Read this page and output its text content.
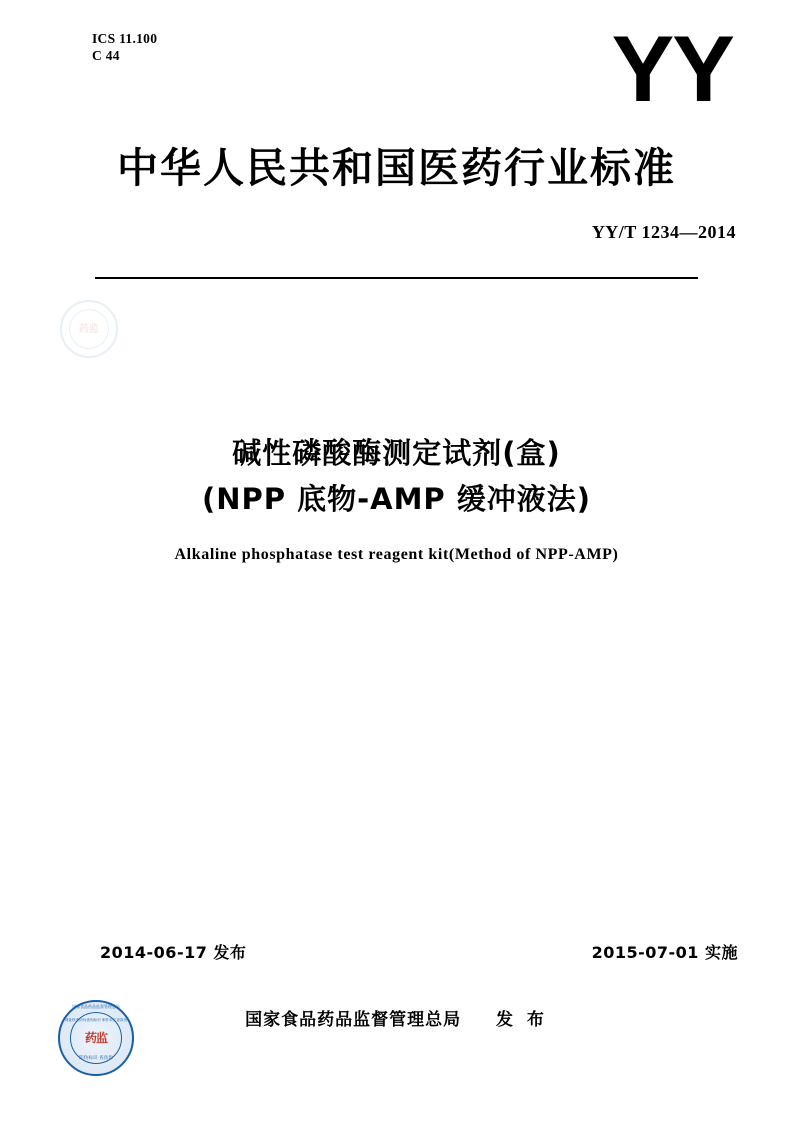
ICS 11.100
C 44	YY
中华人民共和国医药行业标准
YY/T 1234—2014
药监
碱性磷酸酶测定试剂(盒)
(NPP 底物-AMP 缓冲液法)
Alkaline phosphatase test reagent kit(Method of NPP-AMP)
2014-06-17 发布	2015-07-01 实施
国家食品药品监督管理总局 发 布
国家食品药品监督管理总局
网址核查防伪查询标识 制作单位查真伪
药监
防伪标识 查真伪
